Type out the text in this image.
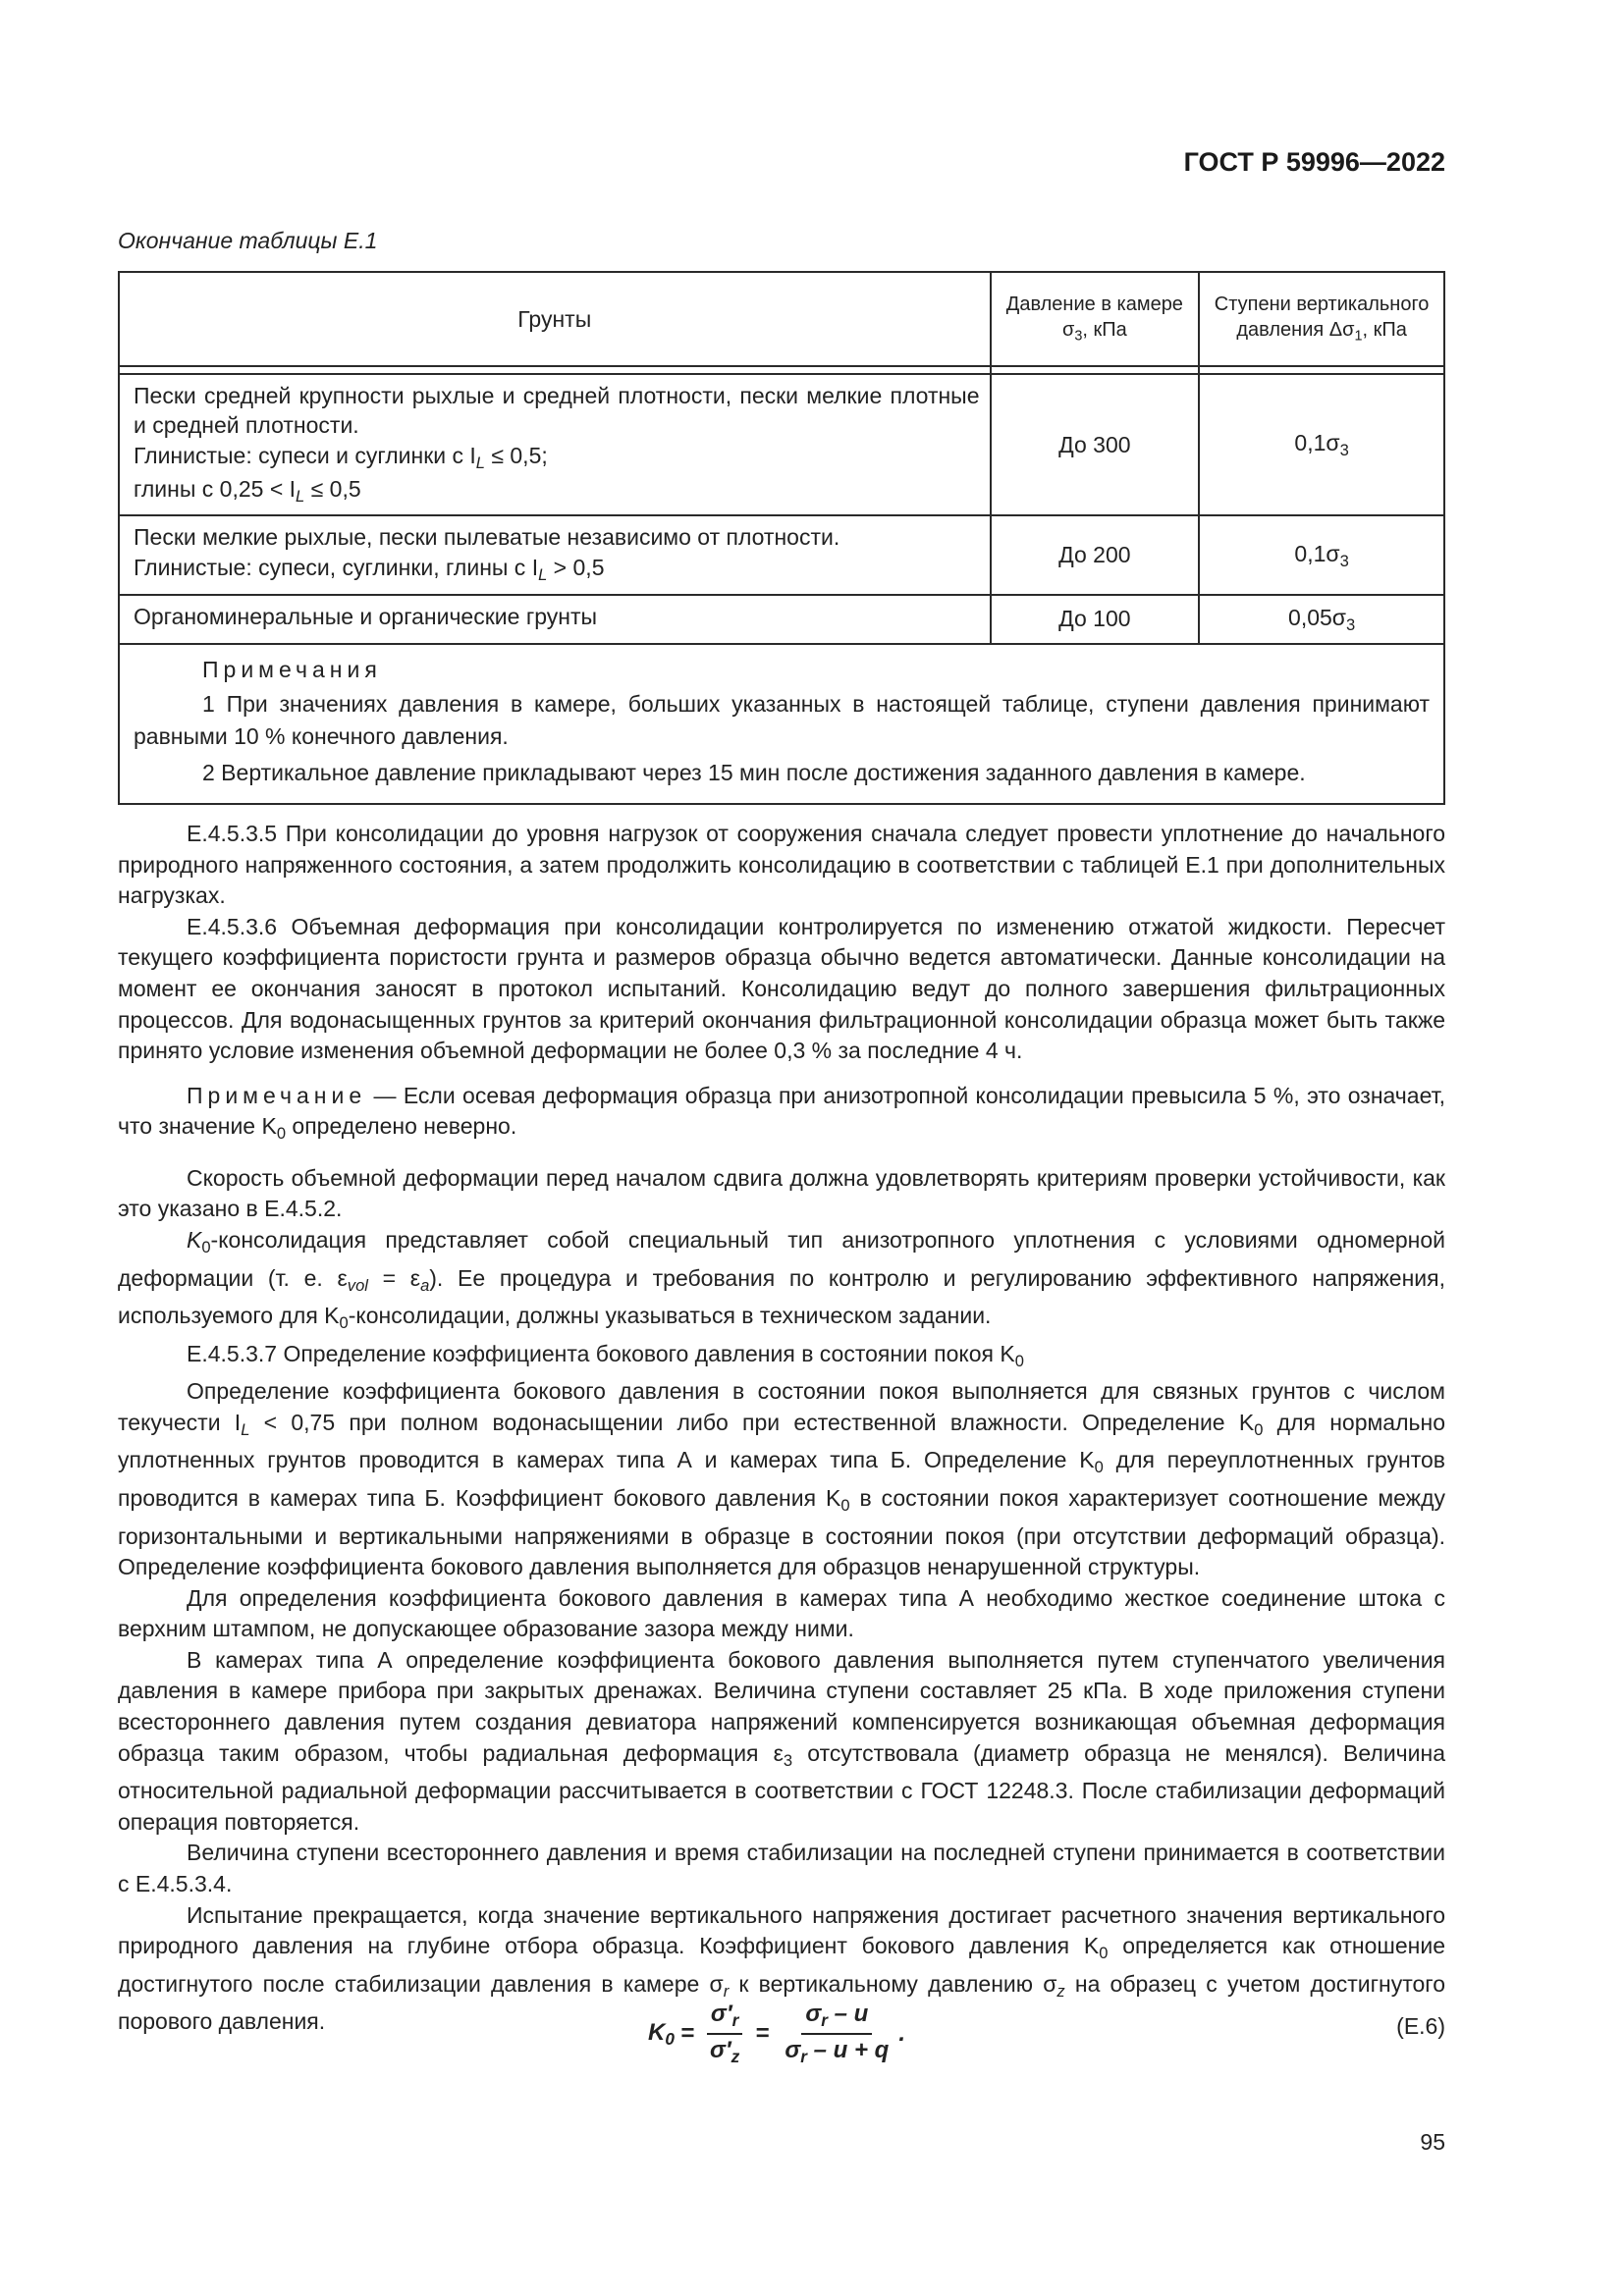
ГОСТ Р 59996—2022
Окончание таблицы Е.1
Грунты	Давление в камере $\sigma_3$, кПа	Ступени вертикального давления $\Delta\sigma_1$, кПа

Пески средней крупности рыхлые и средней плотности, пески мелкие плотные и средней плотности.
Глинистые: супеси и суглинки с $I_L \le 0,5$;
глины с $0,25 < I_L \le 0,5$	До 300	$0,1\sigma_3$
Пески мелкие рыхлые, пески пылеватые независимо от плотности.
Глинистые: супеси, суглинки, глины с $I_L > 0,5$	До 200	$0,1\sigma_3$
Органоминеральные и органические грунты	До 100	$0,05\sigma_3$

Примечания

1 При значениях давления в камере, больших указанных в настоящей таблице, ступени давления принимают равными 10 % конечного давления.

2 Вертикальное давление прикладывают через 15 мин после достижения заданного давления в камере.		

Е.4.5.3.5 При консолидации до уровня нагрузок от сооружения сначала следует провести уплотнение до начального природного напряженного состояния, а затем продолжить консолидацию в соответствии с таблицей Е.1 при дополнительных нагрузках.

Е.4.5.3.6 Объемная деформация при консолидации контролируется по изменению отжатой жидкости. Пересчет текущего коэффициента пористости грунта и размеров образца обычно ведется автоматически. Данные консолидации на момент ее окончания заносят в протокол испытаний. Консолидацию ведут до полного завершения фильтрационных процессов. Для водонасыщенных грунтов за критерий окончания фильтрационной консолидации образца может быть также принято условие изменения объемной деформации не более 0,3 % за последние 4 ч.

Примечание — Если осевая деформация образца при анизотропной консолидации превысила 5 %, это означает, что значение $K_0$ определено неверно.

Скорость объемной деформации перед началом сдвига должна удовлетворять критериям проверки устойчивости, как это указано в Е.4.5.2.

$K_0$-консолидация представляет собой специальный тип анизотропного уплотнения с условиями одномерной деформации (т. е. $\varepsilon_{vol} = \varepsilon_a$). Ее процедура и требования по контролю и регулированию эффективного напряжения, используемого для $K_0$-консолидации, должны указываться в техническом задании.

Е.4.5.3.7 Определение коэффициента бокового давления в состоянии покоя $K_0$

Определение коэффициента бокового давления в состоянии покоя выполняется для связных грунтов с числом текучести $I_L < 0,75$ при полном водонасыщении либо при естественной влажности. Определение $K_0$ для нормально уплотненных грунтов проводится в камерах типа А и камерах типа Б. Определение $K_0$ для переуплотненных грунтов проводится в камерах типа Б. Коэффициент бокового давления $K_0$ в состоянии покоя характеризует соотношение между горизонтальными и вертикальными напряжениями в образце в состоянии покоя (при отсутствии деформаций образца). Определение коэффициента бокового давления выполняется для образцов ненарушенной структуры.

Для определения коэффициента бокового давления в камерах типа А необходимо жесткое соединение штока с верхним штампом, не допускающее образование зазора между ними.

В камерах типа А определение коэффициента бокового давления выполняется путем ступенчатого увеличения давления в камере прибора при закрытых дренажах. Величина ступени составляет 25 кПа. В ходе приложения ступени всестороннего давления путем создания девиатора напряжений компенсируется возникающая объемная деформация образца таким образом, чтобы радиальная деформация $\varepsilon_3$ отсутствовала (диаметр образца не менялся). Величина относительной радиальной деформации рассчитывается в соответствии с ГОСТ 12248.3. После стабилизации деформаций операция повторяется.

Величина ступени всестороннего давления и время стабилизации на последней ступени принимается в соответствии с Е.4.5.3.4.

Испытание прекращается, когда значение вертикального напряжения достигает расчетного значения вертикального природного давления на глубине отбора образца. Коэффициент бокового давления $K_0$ определяется как отношение достигнутого после стабилизации давления в камере $\sigma_r$ к вертикальному давлению $\sigma_z$ на образец с учетом достигнутого порового давления.	$K_0 = \frac{\sigma'_r}{\sigma'_z} = \frac{\sigma_r - u}{\sigma_r - u + q}$ .	(Е.6)
95
